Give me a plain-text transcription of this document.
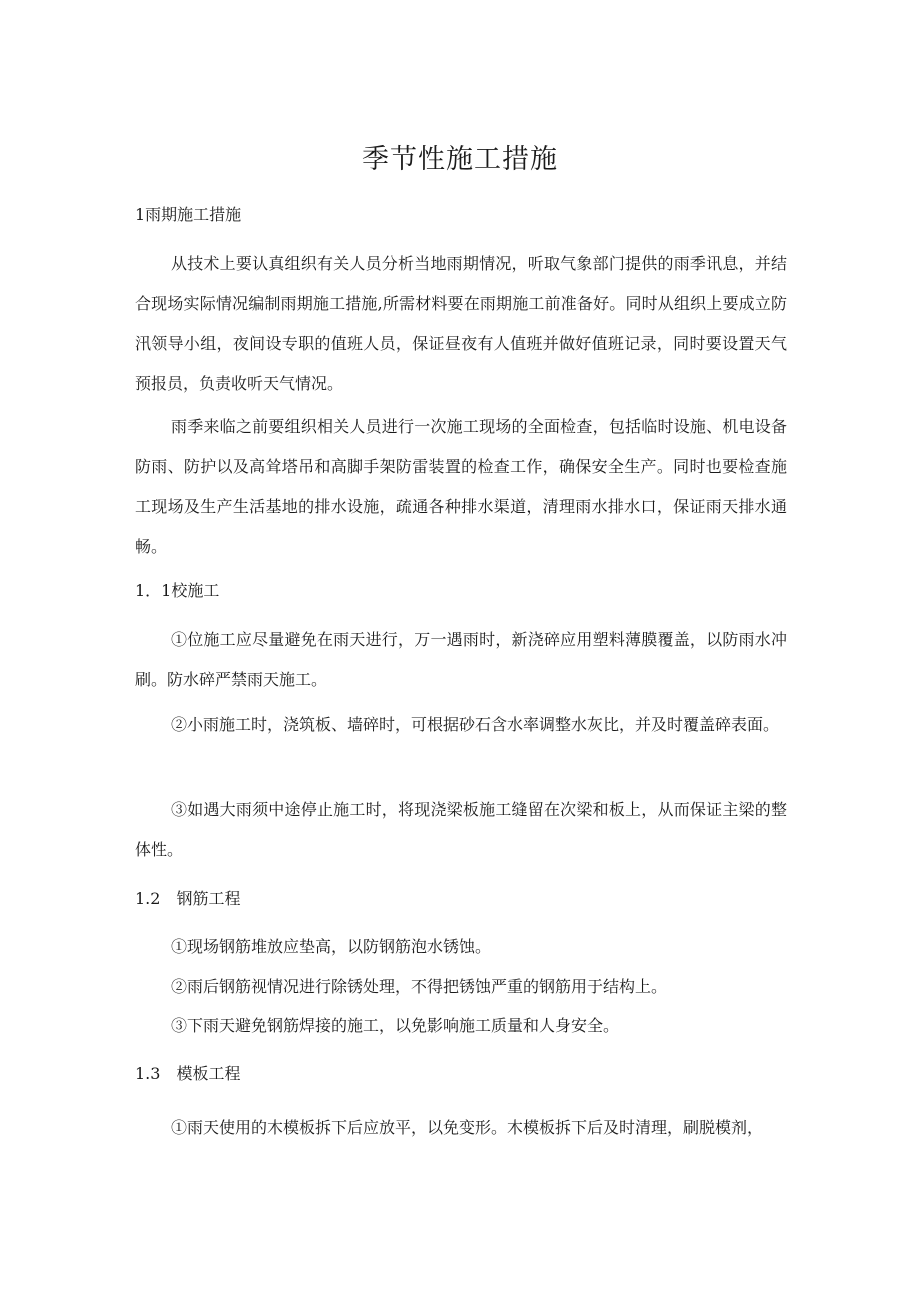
季节性施工措施
1雨期施工措施

从技术上要认真组织有关人员分析当地雨期情况，听取气象部门提供的雨季讯息，并结合现场实际情况编制雨期施工措施,所需材料要在雨期施工前准备好。同时从组织上要成立防汛领导小组，夜间设专职的值班人员，保证昼夜有人值班并做好值班记录，同时要设置天气预报员，负责收听天气情况。

雨季来临之前要组织相关人员进行一次施工现场的全面检查，包括临时设施、机电设备防雨、防护以及高耸塔吊和高脚手架防雷装置的检查工作，确保安全生产。同时也要检查施工现场及生产生活基地的排水设施，疏通各种排水渠道，清理雨水排水口，保证雨天排水通畅。

1．1校施工

①位施工应尽量避免在雨天进行，万一遇雨时，新浇碎应用塑料薄膜覆盖，以防雨水冲刷。防水碎严禁雨天施工。

②小雨施工时，浇筑板、墙碎时，可根据砂石含水率调整水灰比，并及时覆盖碎表面。

③如遇大雨须中途停止施工时，将现浇梁板施工缝留在次梁和板上，从而保证主梁的整体性。

1.2　钢筋工程
①现场钢筋堆放应垫高，以防钢筋泡水锈蚀。
②雨后钢筋视情况进行除锈处理，不得把锈蚀严重的钢筋用于结构上。
③下雨天避免钢筋焊接的施工，以免影响施工质量和人身安全。
1.3　模板工程

①雨天使用的木模板拆下后应放平，以免变形。木模板拆下后及时清理，刷脱模剂，
